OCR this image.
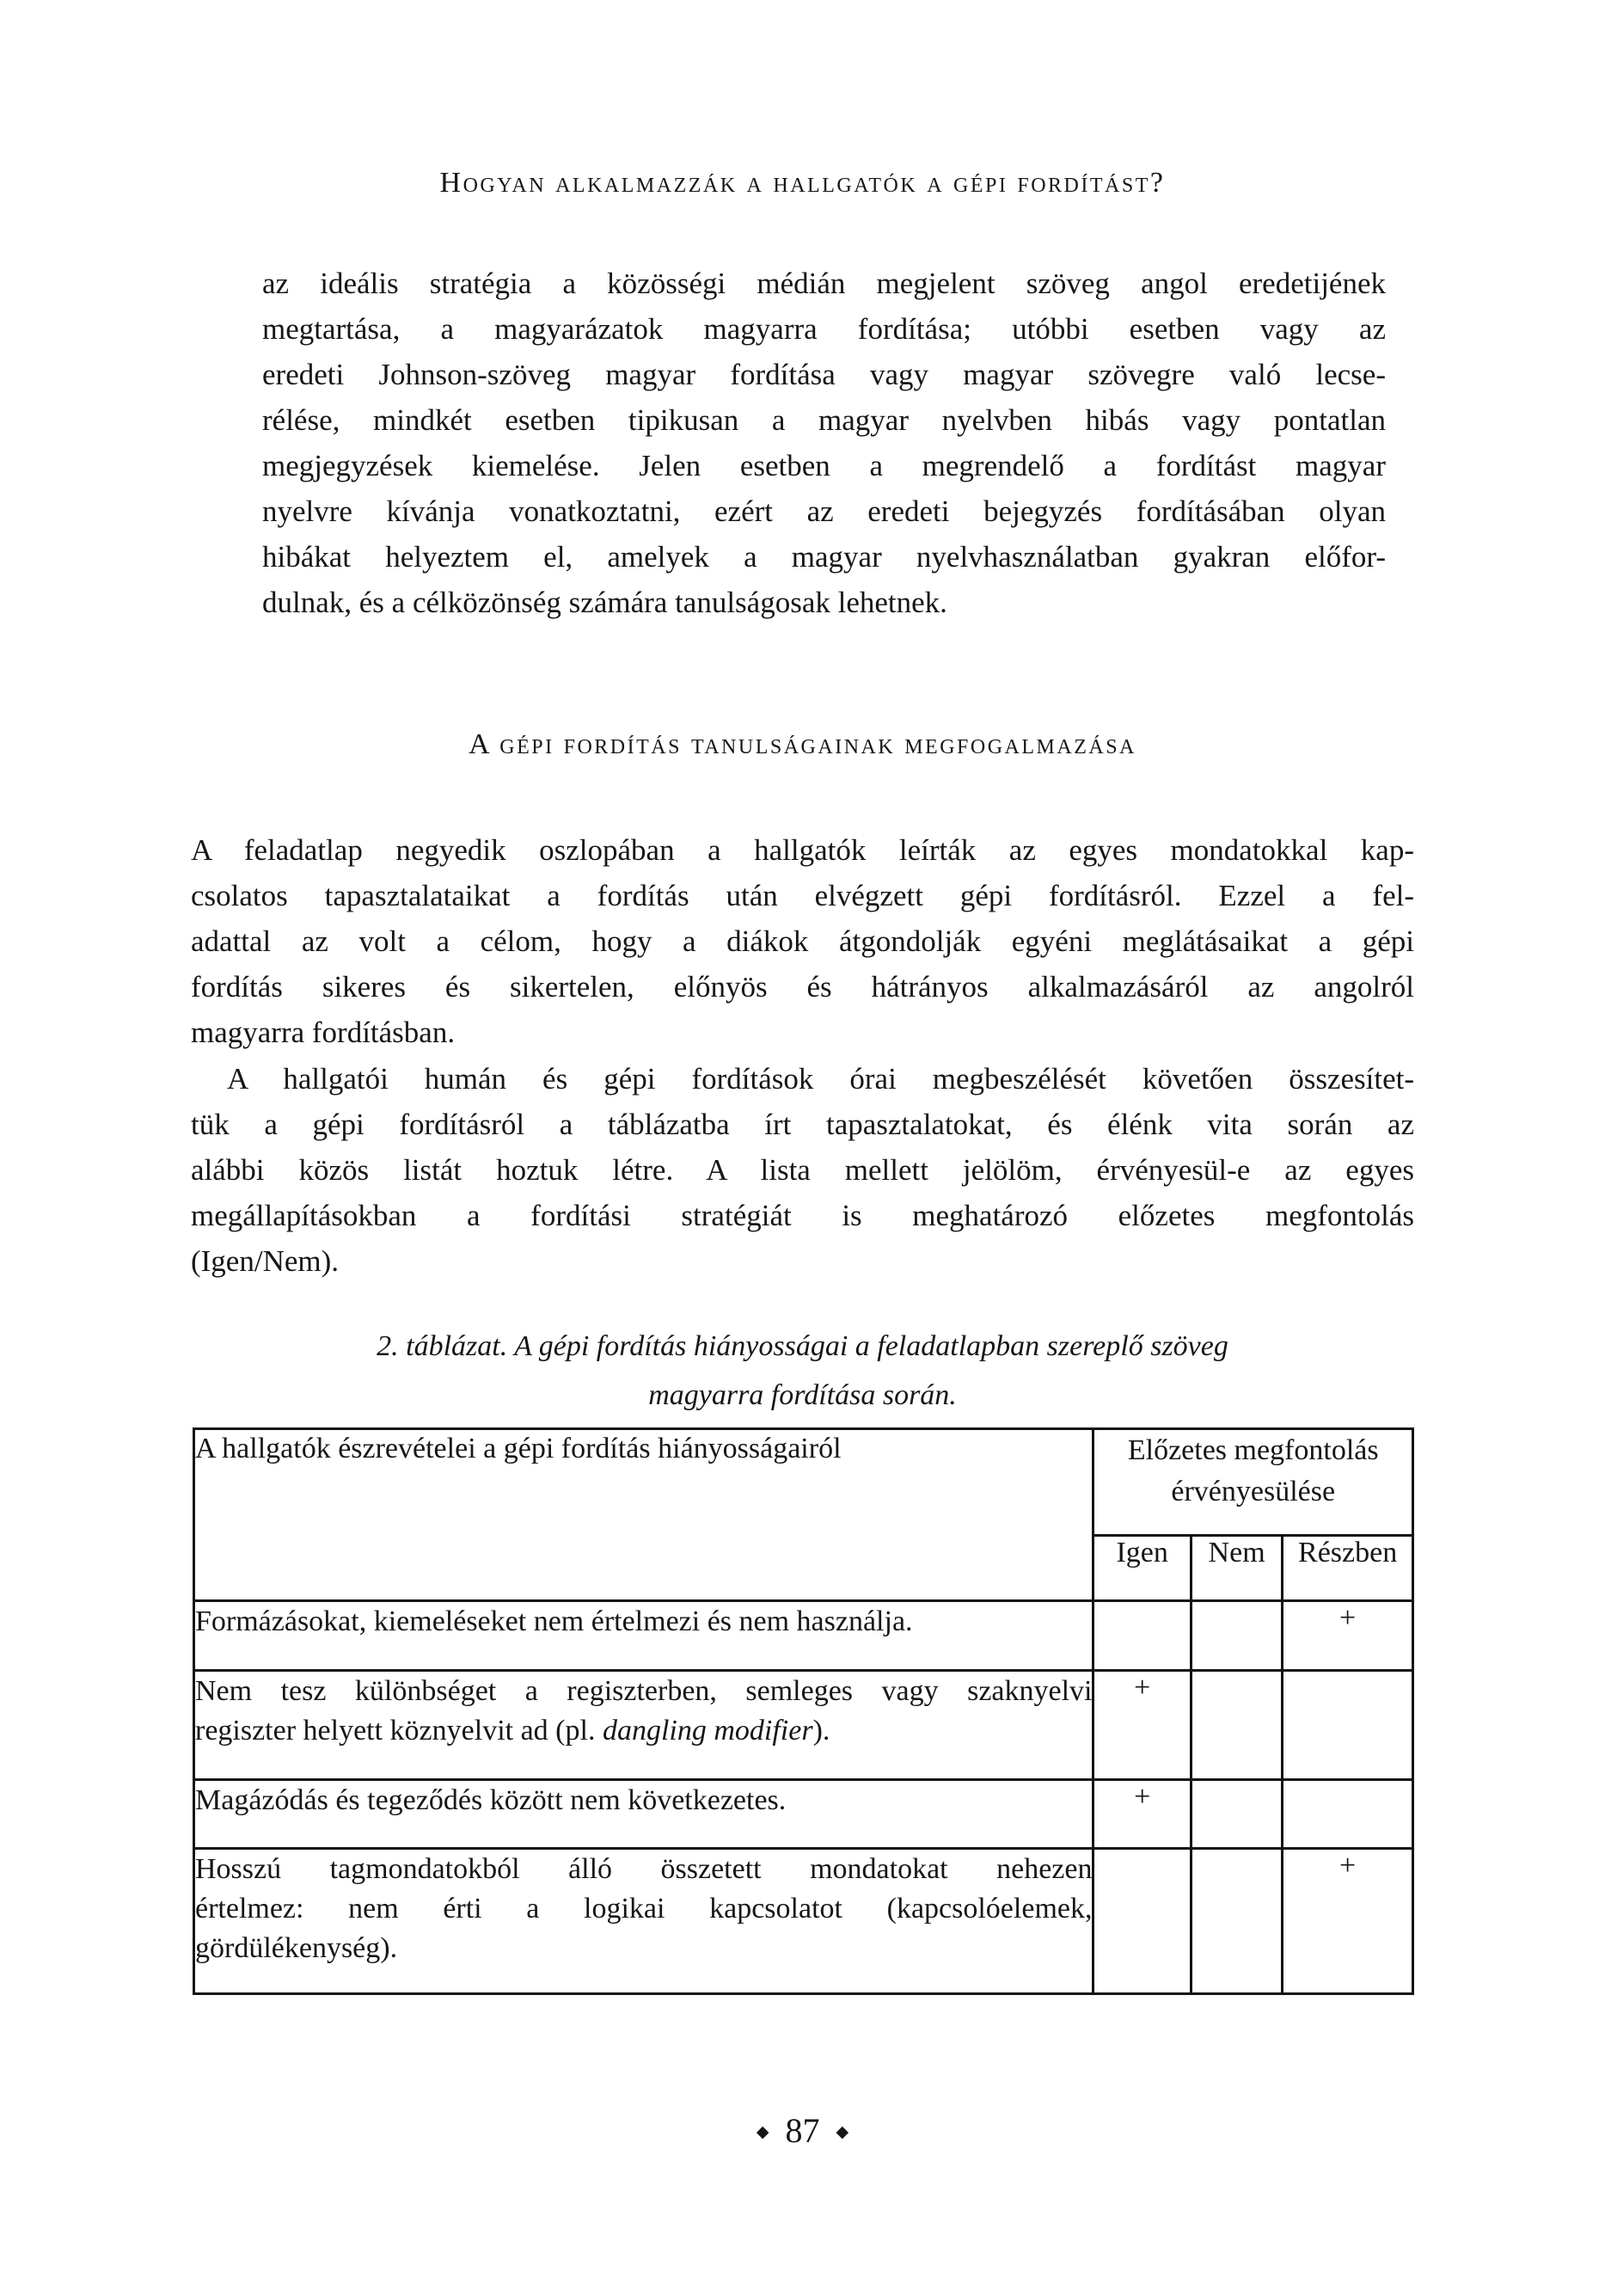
Hogyan alkalmazzák a hallgatók a gépi fordítást?
az ideális stratégia a közösségi médián megjelent szöveg angol eredetijének
megtartása, a magyarázatok magyarra fordítása; utóbbi esetben vagy az
eredeti Johnson-szöveg magyar fordítása vagy magyar szövegre való lecse-
rélése, mindkét esetben tipikusan a magyar nyelvben hibás vagy pontatlan
megjegyzések kiemelése. Jelen esetben a megrendelő a fordítást magyar
nyelvre kívánja vonatkoztatni, ezért az eredeti bejegyzés fordításában olyan
hibákat helyeztem el, amelyek a magyar nyelvhasználatban gyakran előfor-
dulnak, és a célközönség számára tanulságosak lehetnek.
A gépi fordítás tanulságainak megfogalmazása
A feladatlap negyedik oszlopában a hallgatók leírták az egyes mondatokkal kap-
csolatos tapasztalataikat a fordítás után elvégzett gépi fordításról. Ezzel a fel-
adattal az volt a célom, hogy a diákok átgondolják egyéni meglátásaikat a gépi
fordítás sikeres és sikertelen, előnyös és hátrányos alkalmazásáról az angolról
magyarra fordításban.
A hallgatói humán és gépi fordítások órai megbeszélését követően összesítet-
tük a gépi fordításról a táblázatba írt tapasztalatokat, és élénk vita során az
alábbi közös listát hoztuk létre. A lista mellett jelölöm, érvényesül-e az egyes
megállapításokban a fordítási stratégiát is meghatározó előzetes megfontolás
(Igen/Nem).
2. táblázat. A gépi fordítás hiányosságai a feladatlapban szereplő szöveg
magyarra fordítása során.
A hallgatók észrevételei a gépi fordítás hiányosságairól	Előzetes megfontolás érvényesülése		
	Igen	Nem	Részben

Formázásokat, kiemeléseket nem értelmezi és nem használja.			+

Nem tesz különbséget a regiszterben, semleges vagy szaknyelvi
regiszter helyett köznyelvit ad (pl. dangling modifier).	+		

Magázódás és tegeződés között nem következetes.	+		

Hosszú tagmondatokból álló összetett mondatokat nehezen
értelmez: nem érti a logikai kapcsolatot (kapcsolóelemek,
gördülékenység).			+
◆ 87 ◆
